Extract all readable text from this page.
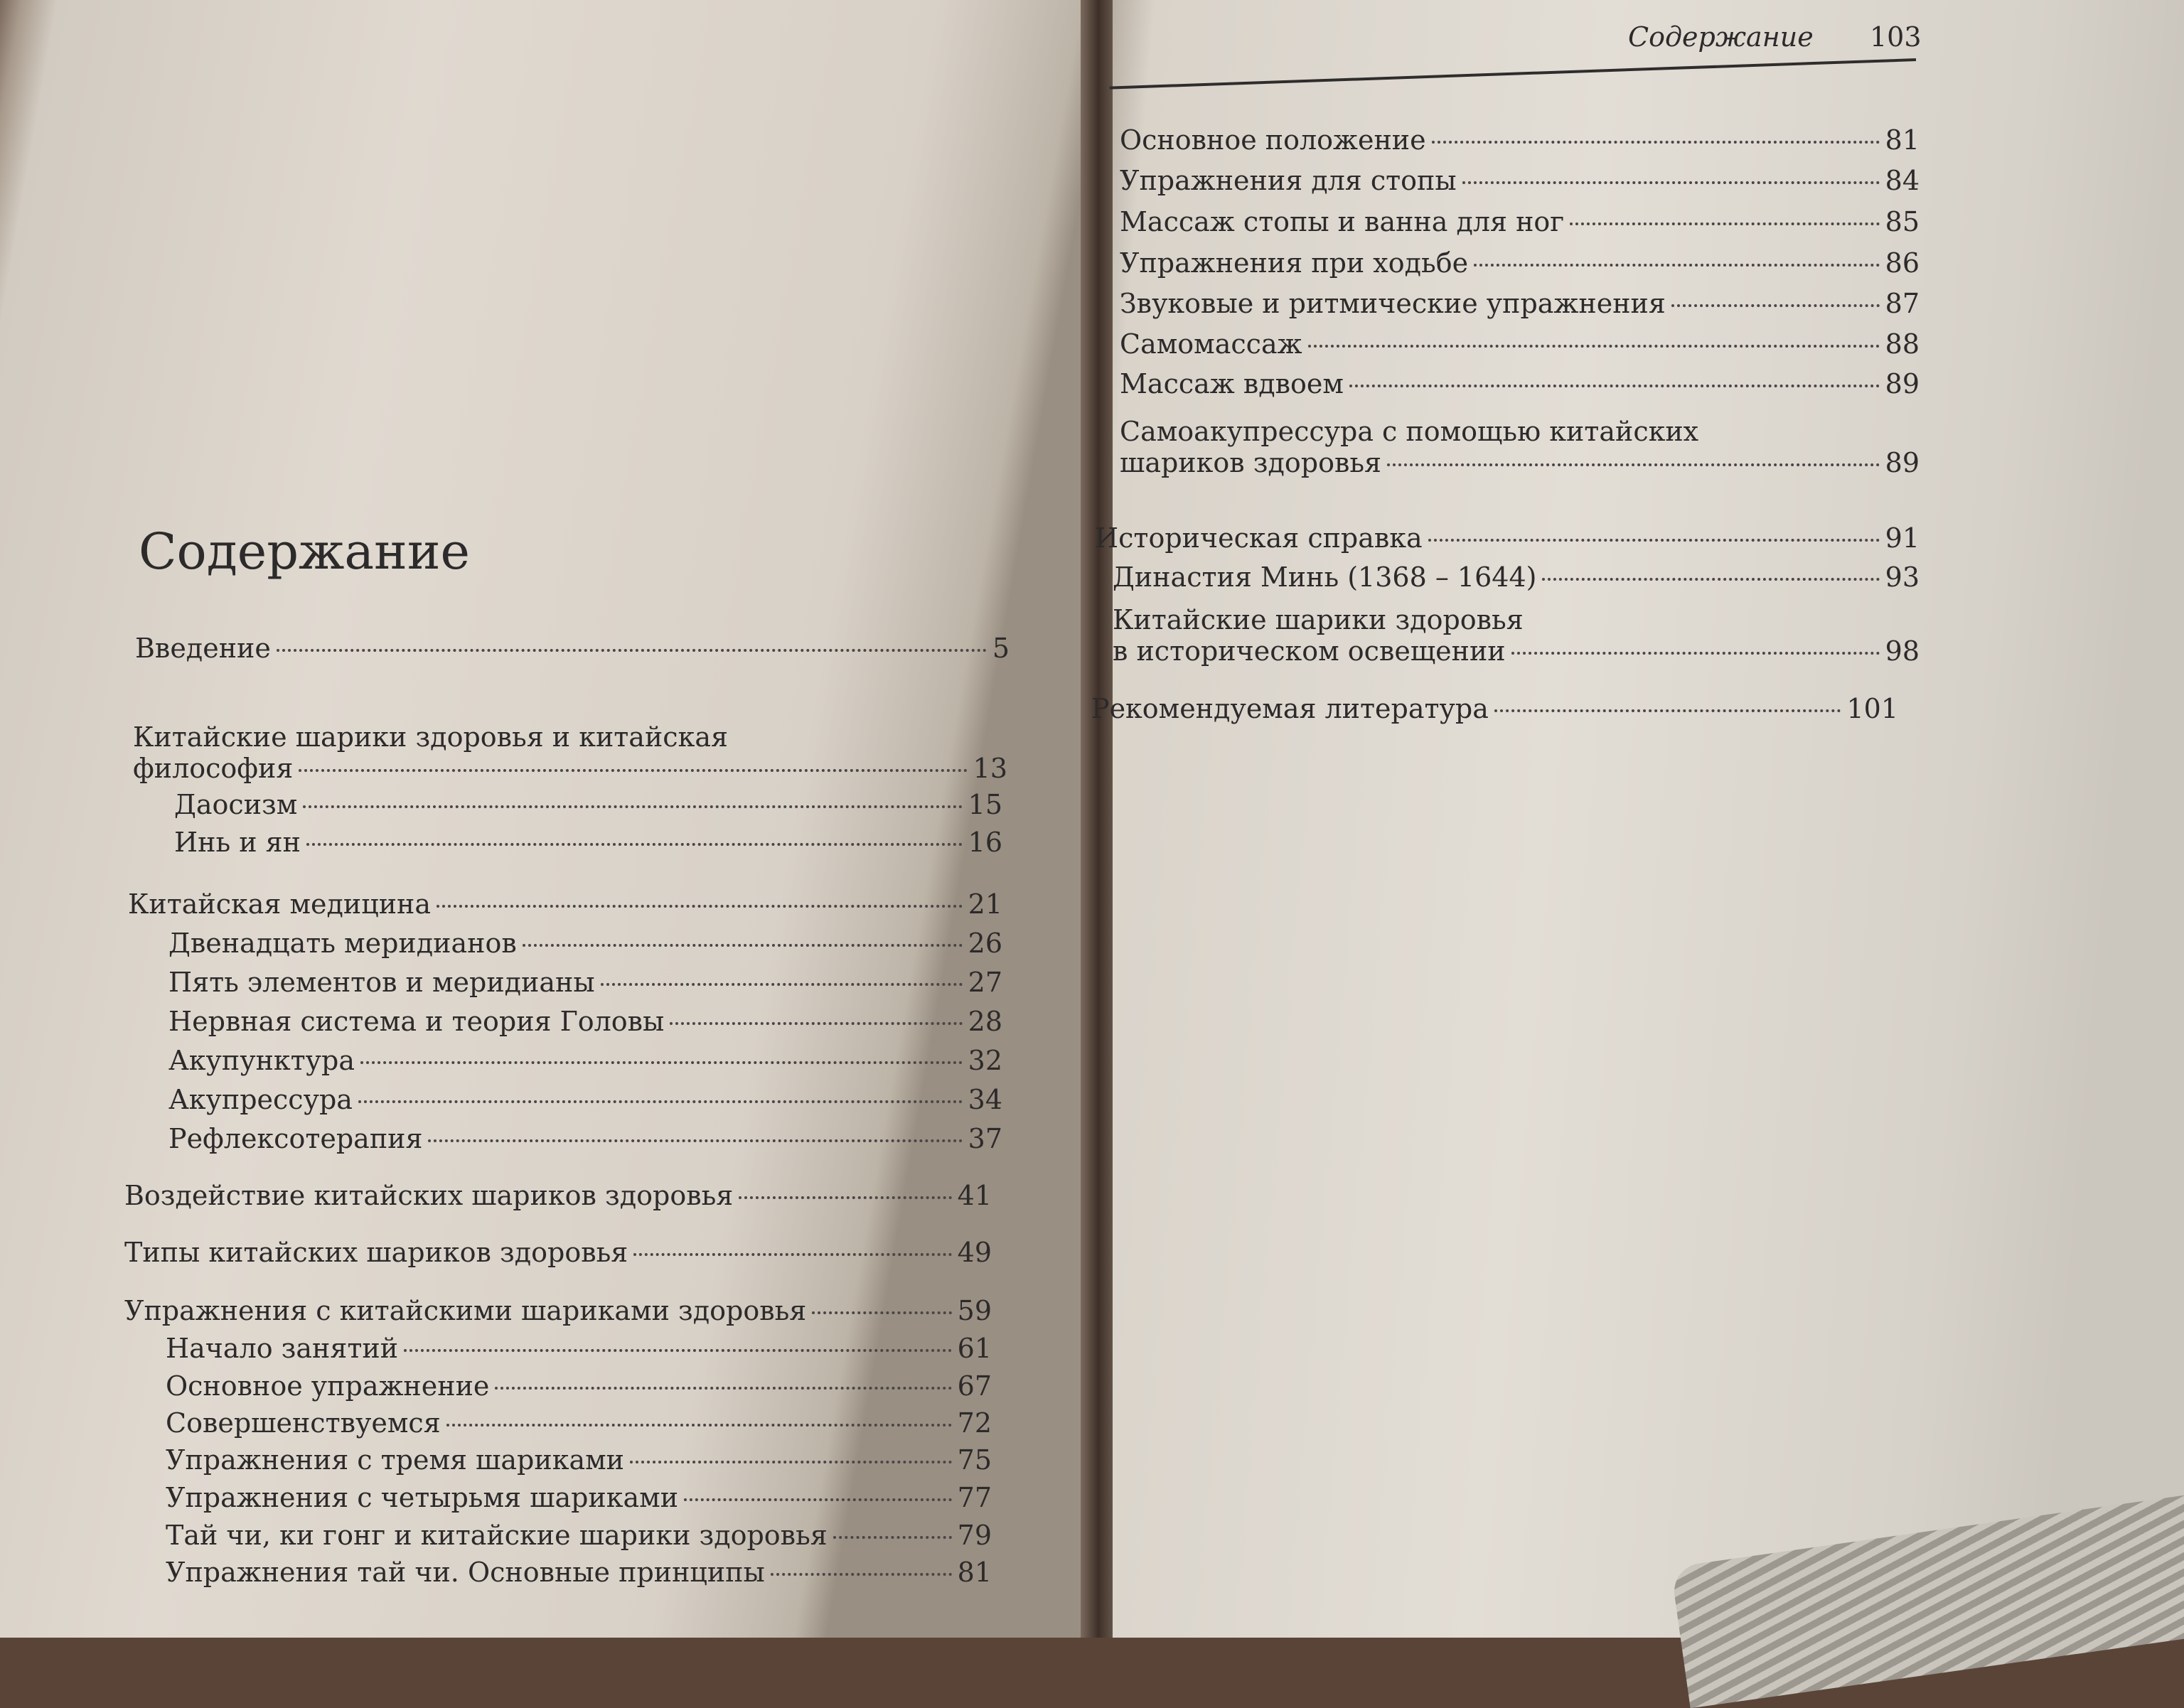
Содержание
Введение	5
Китайские шарики здоровья и китайская
философия	13
Даосизм	15
Инь и ян	16
Китайская медицина	21
Двенадцать меридианов	26
Пять элементов и меридианы	27
Нервная система и теория Головы	28
Акупунктура	32
Акупрессура	34
Рефлексотерапия	37
Воздействие китайских шариков здоровья	41
Типы китайских шариков здоровья	49
Упражнения с китайскими шариками здоровья	59
Начало занятий	61
Основное упражнение	67
Совершенствуемся	72
Упражнения с тремя шариками	75
Упражнения с четырьмя шариками	77
Тай чи, ки гонг и китайские шарики здоровья	79
Упражнения тай чи. Основные принципы	81
Содержание 103
Основное положение	81
Упражнения для стопы	84
Массаж стопы и ванна для ног	85
Упражнения при ходьбе	86
Звуковые и ритмические упражнения	87
Самомассаж	88
Массаж вдвоем	89
Самоакупрессура с помощью китайских
шариков здоровья	89
Историческая справка	91
Династия Минь (1368 – 1644)	93
Китайские шарики здоровья
в историческом освещении	98
Рекомендуемая литература	101
